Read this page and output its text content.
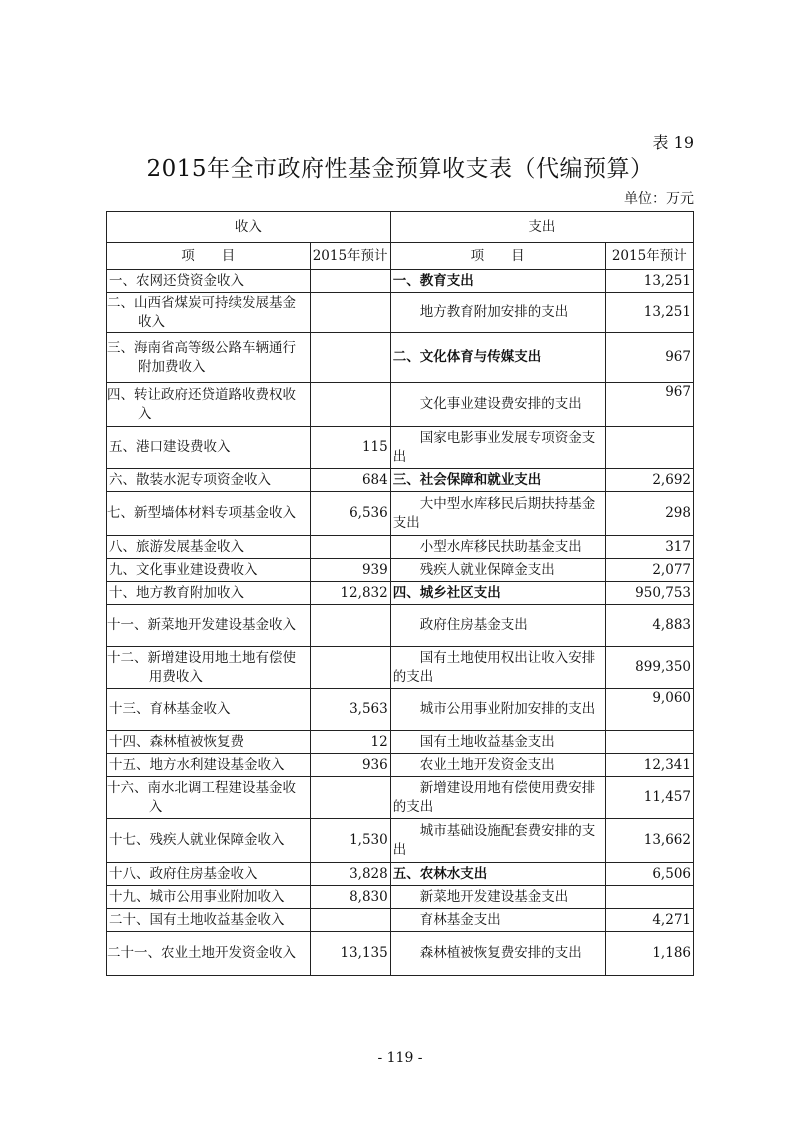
表 19
2015年全市政府性基金预算收支表（代编预算）
单位：万元
收入		支出	
项　　目	2015年预计	项　　目	2015年预计
一、农网还贷资金收入		一、教育支出	13,251
二、山西省煤炭可持续发展基金收入		地方教育附加安排的支出	13,251
三、海南省高等级公路车辆通行附加费收入		二、文化体育与传媒支出	967
四、转让政府还贷道路收费权收入		文化事业建设费安排的支出	967
五、港口建设费收入	115	国家电影事业发展专项资金支出	
六、散装水泥专项资金收入	684	三、社会保障和就业支出	2,692
七、新型墙体材料专项基金收入	6,536	大中型水库移民后期扶持基金支出	298
八、旅游发展基金收入		小型水库移民扶助基金支出	317
九、文化事业建设费收入	939	残疾人就业保障金支出	2,077
十、地方教育附加收入	12,832	四、城乡社区支出	950,753
十一、新菜地开发建设基金收入		政府住房基金支出	4,883
十二、新增建设用地土地有偿使用费收入		国有土地使用权出让收入安排的支出	899,350
十三、育林基金收入	3,563	城市公用事业附加安排的支出	9,060
十四、森林植被恢复费	12	国有土地收益基金支出	
十五、地方水利建设基金收入	936	农业土地开发资金支出	12,341
十六、南水北调工程建设基金收入		新增建设用地有偿使用费安排的支出	11,457
十七、残疾人就业保障金收入	1,530	城市基础设施配套费安排的支出	13,662
十八、政府住房基金收入	3,828	五、农林水支出	6,506
十九、城市公用事业附加收入	8,830	新菜地开发建设基金支出	
二十、国有土地收益基金收入		育林基金支出	4,271
二十一、农业土地开发资金收入	13,135	森林植被恢复费安排的支出	1,186
- 119 -
